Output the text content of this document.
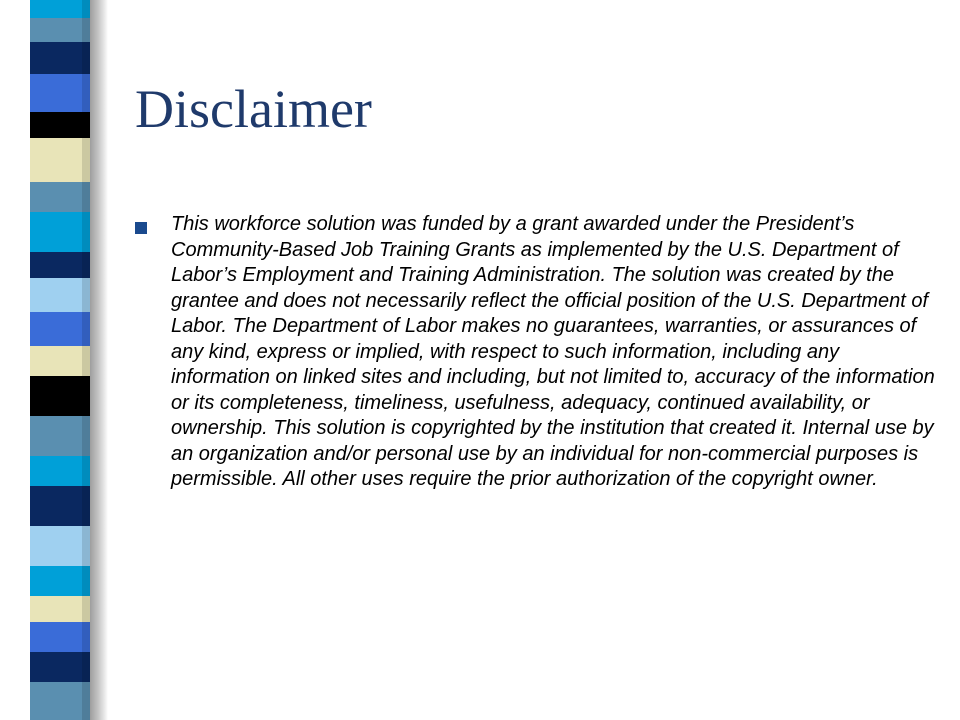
Disclaimer

This workforce solution was funded by a grant awarded under the President’s Community-Based Job Training Grants as implemented by the U.S. Department of Labor’s Employment and Training Administration. The solution was created by the grantee and does not necessarily reflect the official position of the U.S. Department of Labor. The Department of Labor makes no guarantees, warranties, or assurances of any kind, express or implied, with respect to such information, including any information on linked sites and including, but not limited to, accuracy of the information or its completeness, timeliness, usefulness, adequacy, continued availability, or ownership. This solution is copyrighted by the institution that created it. Internal use by an organization and/or personal use by an individual for non-commercial purposes is permissible. All other uses require the prior authorization of the copyright owner.
